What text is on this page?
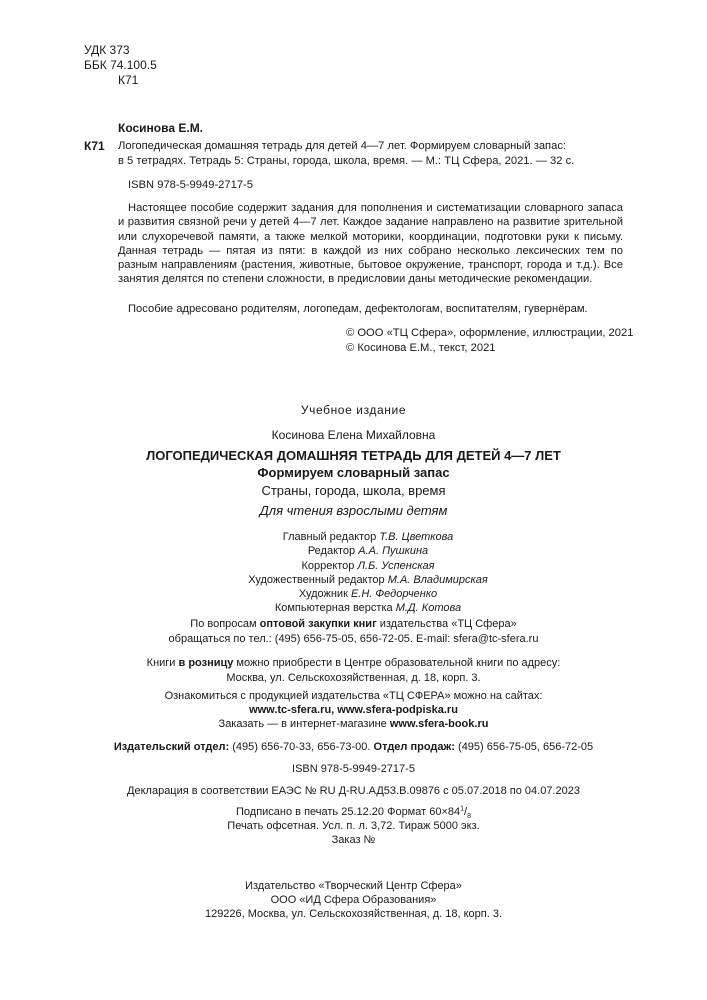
УДК 373
ББК 74.100.5
К71
Косинова Е.М.
К71 Логопедическая домашняя тетрадь для детей 4—7 лет. Формируем словарный запас:
в 5 тетрадях. Тетрадь 5: Страны, города, школа, время. — М.: ТЦ Сфера, 2021. — 32 с.
ISBN 978-5-9949-2717-5

Настоящее пособие содержит задания для пополнения и систематизации словарного запаса и развития связной речи у детей 4—7 лет. Каждое задание направлено на развитие зрительной или слухоречевой памяти, а также мелкой моторики, координации, подготовки руки к письму. Данная тетрадь — пятая из пяти: в каждой из них собрано несколько лексических тем по разным направлениям (растения, животные, бытовое окружение, транспорт, города и т.д.). Все занятия делятся по степени сложности, в предисловии даны методические рекомендации.

Пособие адресовано родителям, логопедам, дефектологам, воспитателям, гувернёрам.
© ООО «ТЦ Сфера», оформление, иллюстрации, 2021
© Косинова Е.М., текст, 2021
Учебное издание
Косинова Елена Михайловна
ЛОГОПЕДИЧЕСКАЯ ДОМАШНЯЯ ТЕТРАДЬ ДЛЯ ДЕТЕЙ 4—7 ЛЕТ
Формируем словарный запас
Страны, города, школа, время
Для чтения взрослыми детям
Главный редактор Т.В. Цветкова
Редактор А.А. Пушкина
Корректор Л.Б. Успенская
Художественный редактор М.А. Владимирская
Художник Е.Н. Федорченко
Компьютерная верстка М.Д. Котова
По вопросам оптовой закупки книг издательства «ТЦ Сфера»
обращаться по тел.: (495) 656-75-05, 656-72-05. E-mail: sfera@tc-sfera.ru
Книги в розницу можно приобрести в Центре образовательной книги по адресу:
Москва, ул. Сельскохозяйственная, д. 18, корп. 3.
Ознакомиться с продукцией издательства «ТЦ СФЕРА» можно на сайтах:
www.tc-sfera.ru, www.sfera-podpiska.ru
Заказать — в интернет-магазине www.sfera-book.ru
Издательский отдел: (495) 656-70-33, 656-73-00. Отдел продаж: (495) 656-75-05, 656-72-05
ISBN 978-5-9949-2717-5
Декларация в соответствии ЕАЭС № RU Д-RU.АД53.В.09876 с 05.07.2018 по 04.07.2023
Подписано в печать 25.12.20 Формат $60\times 84^1/_8$
Печать офсетная. Усл. п. л. 3,72. Тираж 5000 экз.
Заказ №
Издательство «Творческий Центр Сфера»
ООО «ИД Сфера Образования»
129226, Москва, ул. Сельскохозяйственная, д. 18, корп. 3.
